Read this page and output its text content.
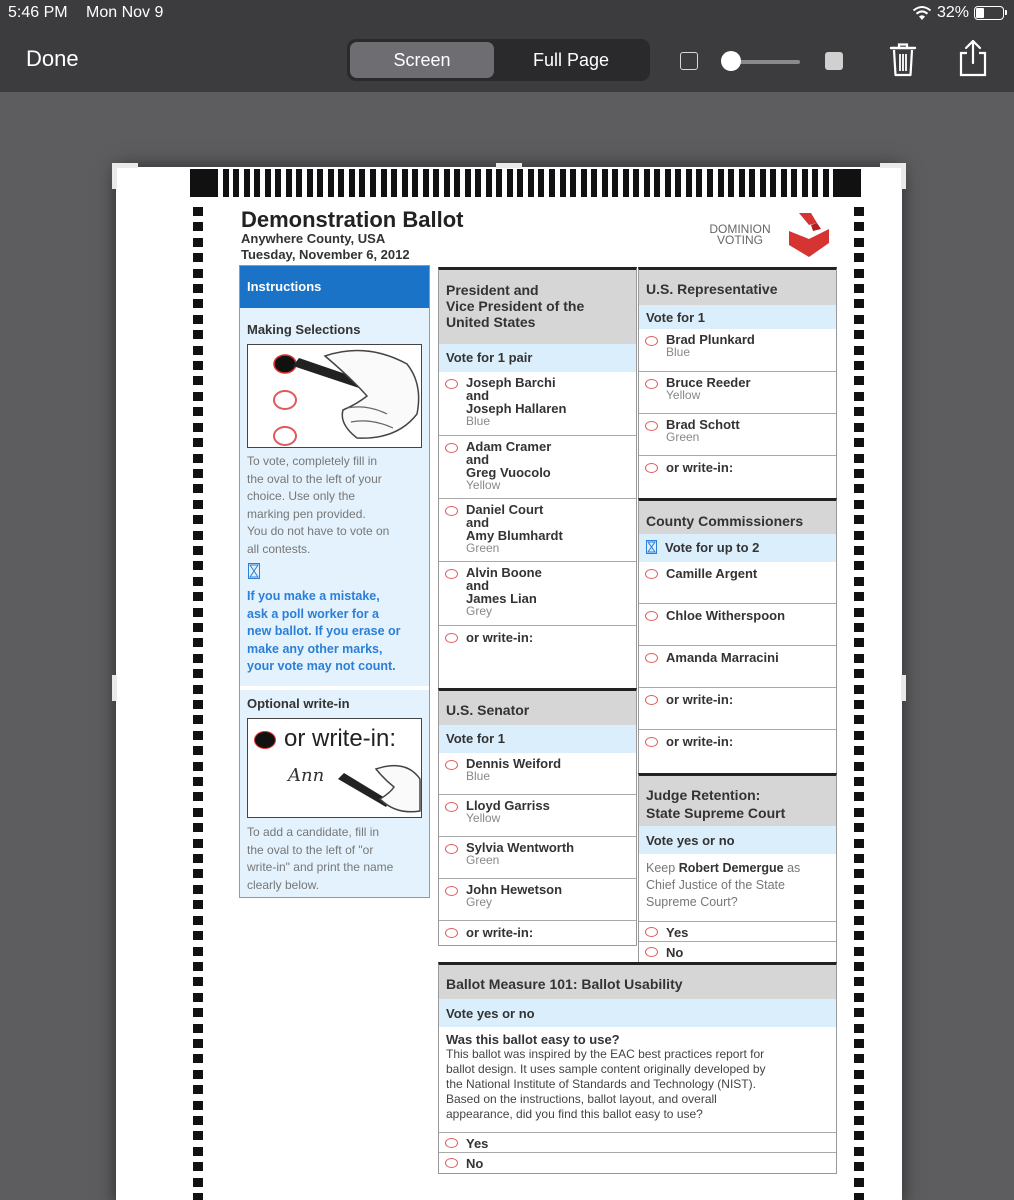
5:46 PM Mon Nov 9	32%
Done	Screen	Full Page
Demonstration Ballot
Anywhere County, USA
Tuesday, November 6, 2012
DOMINION
VOTING
Instructions
Making Selections
To vote, completely fill in
the oval to the left of your
choice. Use only the
marking pen provided.
You do not have to vote on
all contests.
If you make a mistake,
ask a poll worker for a
new ballot. If you erase or
make any other marks,
your vote may not count.
Optional write-in
or write-in:
Ann
To add a candidate, fill in
the oval to the left of "or
write-in" and print the name
clearly below.
President and
Vice President of the
United States
Vote for 1 pair
Joseph Barchi
and
Joseph Hallaren
Blue
Adam Cramer
and
Greg Vuocolo
Yellow
Daniel Court
and
Amy Blumhardt
Green
Alvin Boone
and
James Lian
Grey
or write-in:
U.S. Senator
Vote for 1
Dennis Weiford
Blue
Lloyd Garriss
Yellow
Sylvia Wentworth
Green
John Hewetson
Grey
or write-in:
U.S. Representative
Vote for 1
Brad Plunkard
Blue
Bruce Reeder
Yellow
Brad Schott
Green
or write-in:
County Commissioners
Vote for up to 2
Camille Argent
Chloe Witherspoon
Amanda Marracini
or write-in:
or write-in:
Judge Retention:
State Supreme Court
Vote yes or no
Keep Robert Demergue as
Chief Justice of the State
Supreme Court?
Yes
No
Ballot Measure 101: Ballot Usability
Vote yes or no
Was this ballot easy to use?
This ballot was inspired by the EAC best practices report for
ballot design. It uses sample content originally developed by
the National Institute of Standards and Technology (NIST).
Based on the instructions, ballot layout, and overall
appearance, did you find this ballot easy to use?
Yes
No
